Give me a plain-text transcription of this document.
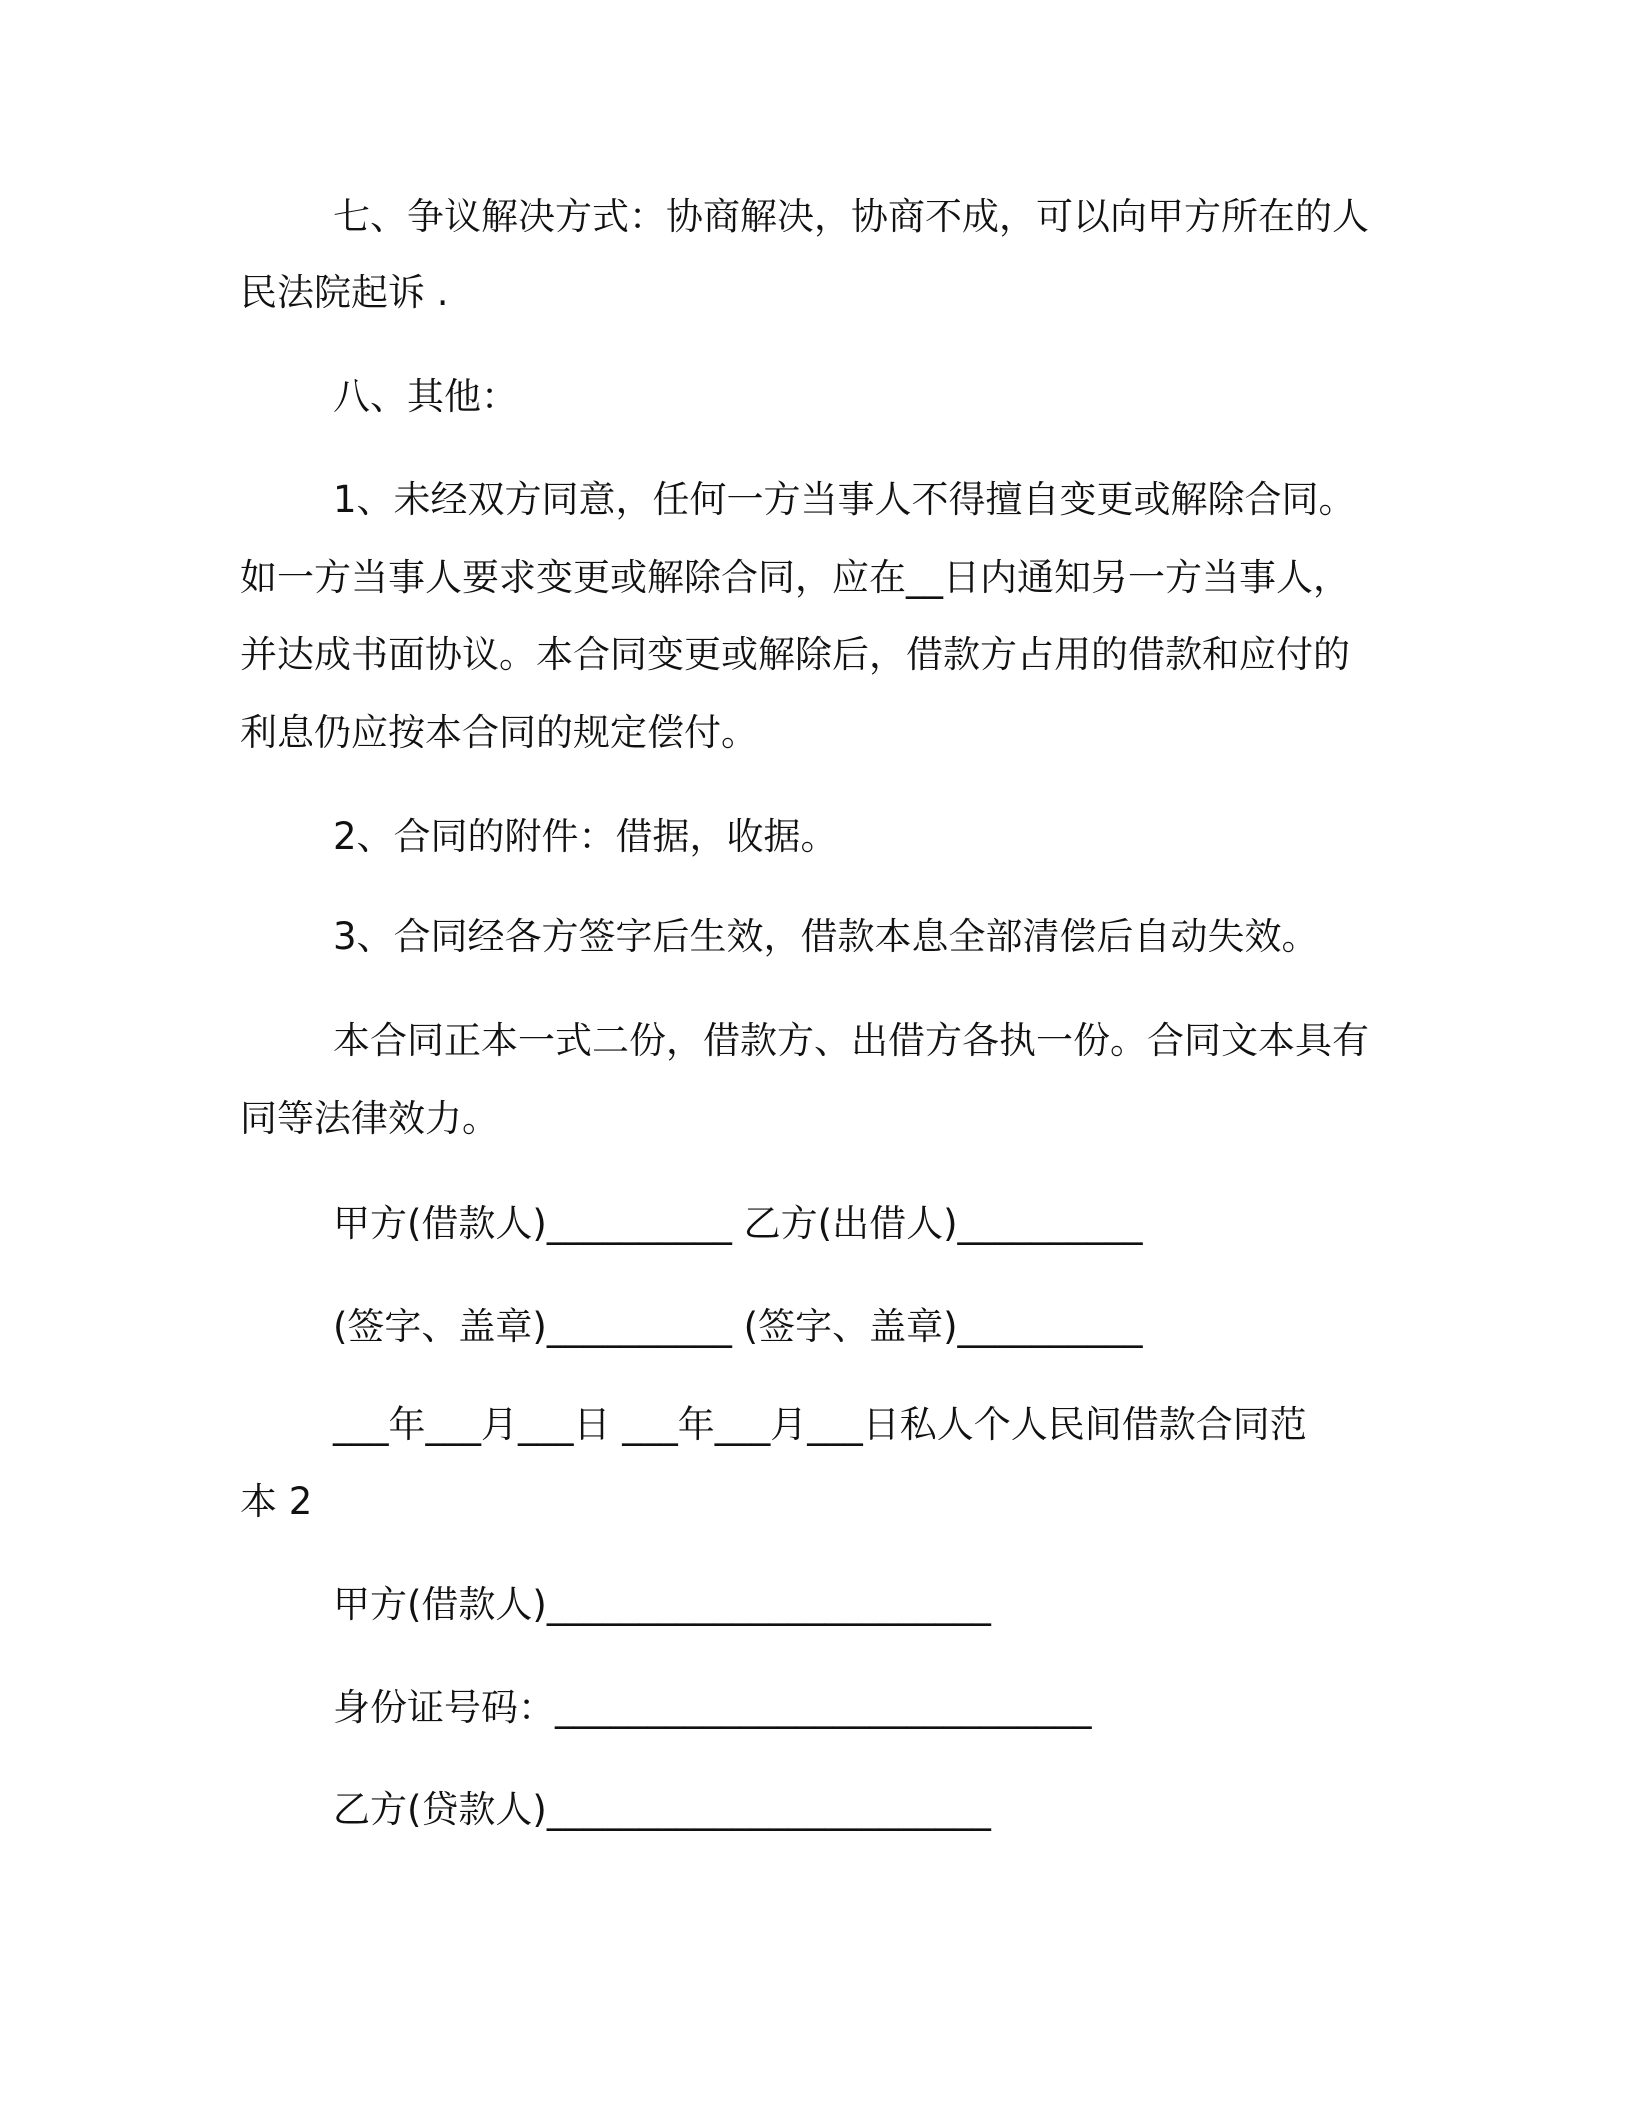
七、争议解决方式：协商解决，协商不成，可以向甲方所在的人
民法院起诉 .
八、其他：
1、未经双方同意，任何一方当事人不得擅自变更或解除合同。
如一方当事人要求变更或解除合同，应在__日内通知另一方当事人，
并达成书面协议。本合同变更或解除后，借款方占用的借款和应付的
利息仍应按本合同的规定偿付。
2、合同的附件：借据，收据。
3、合同经各方签字后生效，借款本息全部清偿后自动失效。
本合同正本一式二份，借款方、出借方各执一份。合同文本具有
同等法律效力。
甲方(借款人)__________ 乙方(出借人)__________
(签字、盖章)__________ (签字、盖章)__________
___年___月___日 ___年___月___日私人个人民间借款合同范
本 2
甲方(借款人)________________________
身份证号码：_____________________________
乙方(贷款人)________________________
